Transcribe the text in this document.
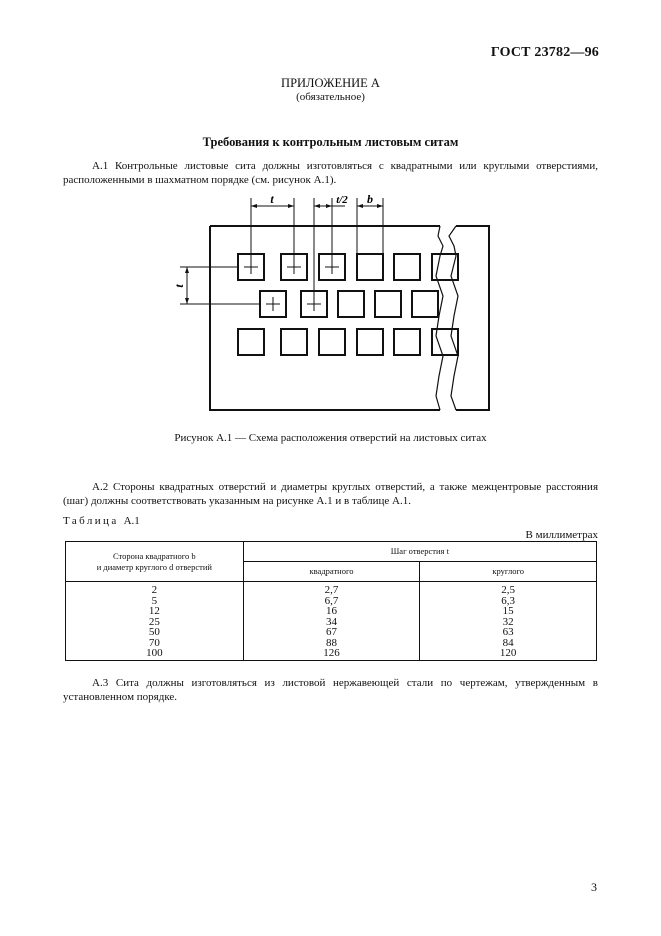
ГОСТ 23782—96
ПРИЛОЖЕНИЕ А
(обязательное)
Требования к контрольным листовым ситам
А.1 Контрольные листовые сита должны изготовляться с квадратными или круглыми отверстиями, расположенными в шахматном порядке (см. рисунок А.1).
t	t/2 b
t
Рисунок А.1 — Схема расположения отверстий на листовых ситах
А.2 Стороны квадратных отверстий и диаметры круглых отверстий, а также межцентровые расстояния (шаг) должны соответствовать указанным на рисунке А.1 и в таблице А.1.
Таблица А.1
В миллиметрах
Сторона квадратного b
и диаметр круглого d отверстий	Шаг отверстия t	
	квадратного	круглого
2	2,7	2,5
5	6,7	6,3
12	16	15
25	34	32
50	67	63
70	88	84
100	126	120
А.3 Сита должны изготовляться из листовой нержавеющей стали по чертежам, утвержденным в установленном порядке.
3
